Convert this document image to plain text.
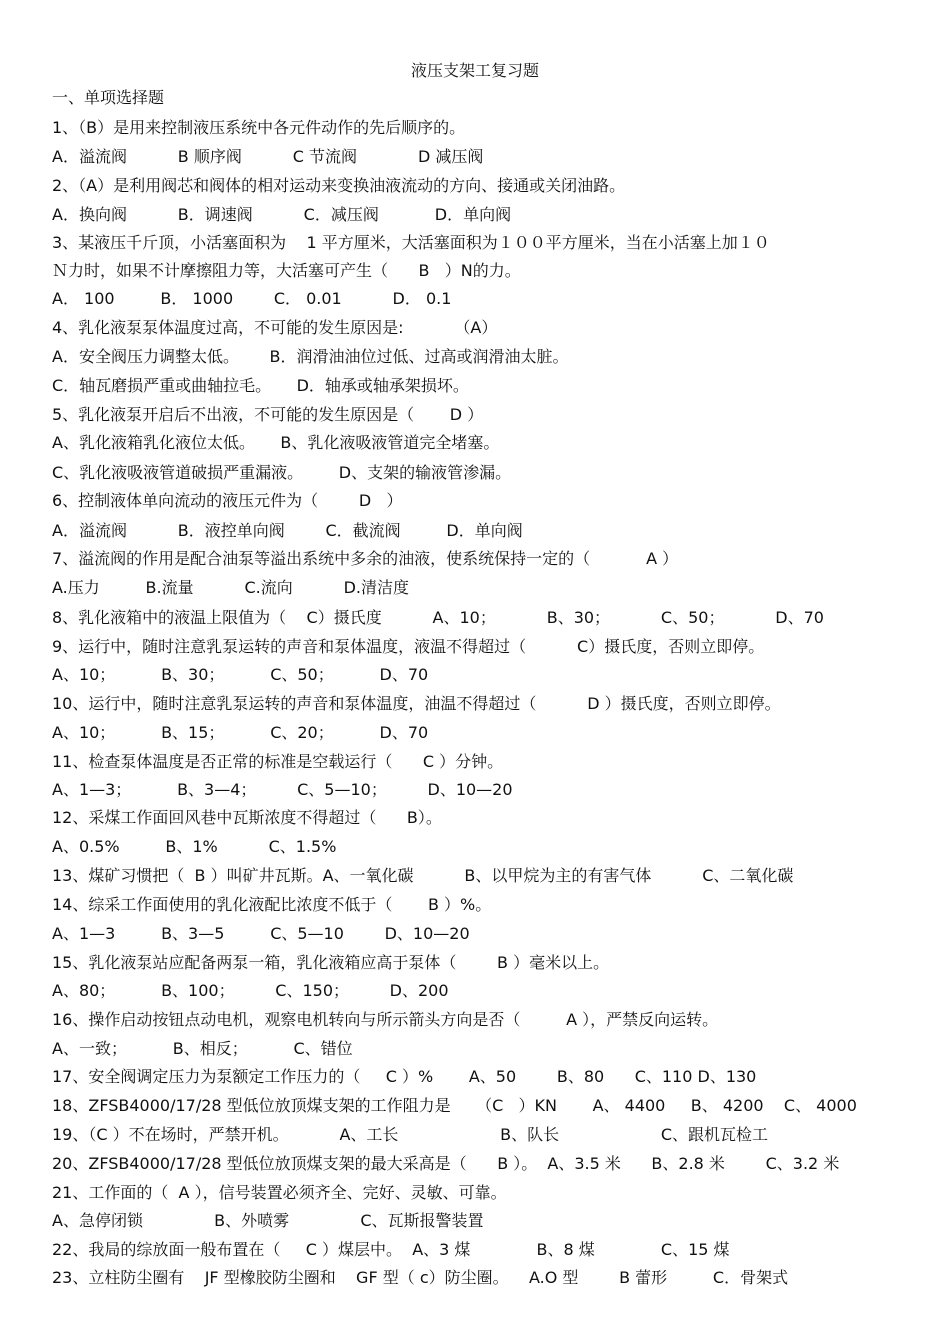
液压支架工复习题
一、单项选择题
1、（B）是用来控制液压系统中各元件动作的先后顺序的。
A．溢流阀          B 顺序阀          C 节流阀            D 减压阀
2、（A）是利用阀芯和阀体的相对运动来变换油液流动的方向、接通或关闭油路。
A．换向阀          B．调速阀          C．减压阀           D．单向阀
3、某液压千斤顶，小活塞面积为    1 平方厘米，大活塞面积为１００平方厘米，当在小活塞上加１０
Ｎ力时，如果不计摩擦阻力等，大活塞可产生（      B   ）N的力。
A． 100         B． 1000        C． 0.01          D． 0.1
4、乳化液泵泵体温度过高，不可能的发生原因是:          （A）
A．安全阀压力调整太低。      B．润滑油油位过低、过高或润滑油太脏。
C．轴瓦磨损严重或曲轴拉毛。     D．轴承或轴承架损坏。
5、乳化液泵开启后不出液，不可能的发生原因是（       D ）
A、乳化液箱乳化液位太低。     B、乳化液吸液管道完全堵塞。
C、乳化液吸液管道破损严重漏液。       D、支架的输液管渗漏。
6、控制液体单向流动的液压元件为（        D   ）
A．溢流阀          B．液控单向阀        C．截流阀         D．单向阀
7、溢流阀的作用是配合油泵等溢出系统中多余的油液，使系统保持一定的（           A ）
A.压力         B.流量          C.流向          D.清洁度
8、乳化液箱中的液温上限值为（    C）摄氏度          A、10；          B、30；          C、50；          D、70
9、运行中，随时注意乳泵运转的声音和泵体温度，液温不得超过（          C）摄氏度，否则立即停。
A、10；         B、30；         C、50；         D、70
10、运行中，随时注意乳泵运转的声音和泵体温度，油温不得超过（          D ）摄氏度，否则立即停。
A、10；         B、15；         C、20；         D、70
11、检查泵体温度是否正常的标准是空载运行（      C ）分钟。
A、1—3；         B、3—4；        C、5—10；        D、10—20
12、采煤工作面回风巷中瓦斯浓度不得超过（      B）。
A、0.5%         B、1%          C、1.5%
13、煤矿习惯把（  B ）叫矿井瓦斯。A、一氧化碳          B、以甲烷为主的有害气体          C、二氧化碳
14、综采工作面使用的乳化液配比浓度不低于（       B ）%。
A、1—3         B、3—5         C、5—10        D、10—20
15、乳化液泵站应配备两泵一箱，乳化液箱应高于泵体（        B ）毫米以上。
A、80；         B、100；        C、150；        D、200
16、操作启动按钮点动电机，观察电机转向与所示箭头方向是否（         A ），严禁反向运转。
A、一致；         B、相反；         C、错位
17、安全阀调定压力为泵额定工作压力的（     C ）%       A、50        B、80      C、110 D、130
18、ZFSB4000/17/28 型低位放顶煤支架的工作阻力是     （C   ）KN       A、 4400     B、 4200    C、 4000
19、（C ）不在场时，严禁开机。          A、工长                    B、队长                    C、跟机瓦检工
20、ZFSB4000/17/28 型低位放顶煤支架的最大采高是（      B ）。  A、3.5 米      B、2.8 米        C、3.2 米
21、工作面的（  A ），信号装置必须齐全、完好、灵敏、可靠。
A、急停闭锁              B、外喷雾              C、瓦斯报警装置
22、我局的综放面一般布置在（     C ）煤层中。  A、3 煤             B、8 煤             C、15 煤
23、立柱防尘圈有    JF 型橡胶防尘圈和    GF 型（ c）防尘圈。    A.O 型        B 蕾形         C．骨架式
